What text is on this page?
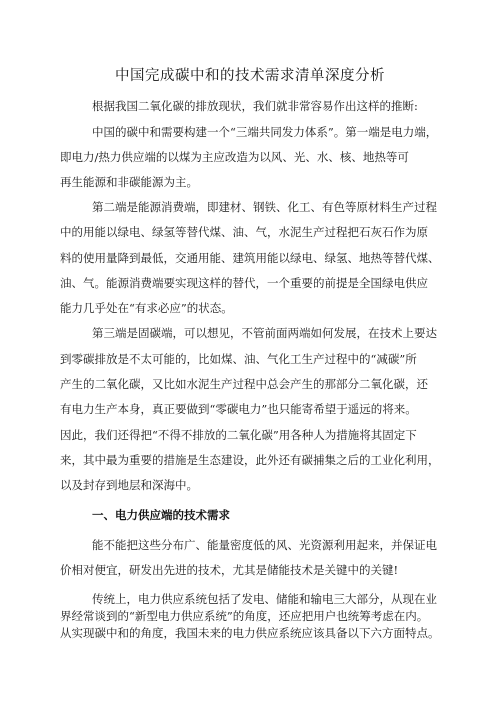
中国完成碳中和的技术需求清单深度分析
根据我国二氧化碳的排放现状，我们就非常容易作出这样的推断:
中国的碳中和需要构建一个“三端共同发力体系”。第一端是电力端，
即电力/热力供应端的以煤为主应改造为以风、光、水、核、地热等可
再生能源和非碳能源为主。
第二端是能源消费端，即建材、钢铁、化工、有色等原材料生产过程
中的用能以绿电、绿氢等替代煤、油、气，水泥生产过程把石灰石作为原
料的使用量降到最低，交通用能、建筑用能以绿电、绿氢、地热等替代煤、
油、气。能源消费端要实现这样的替代，一个重要的前提是全国绿电供应
能力几乎处在“有求必应”的状态。
第三端是固碳端，可以想见，不管前面两端如何发展，在技术上要达
到零碳排放是不太可能的，比如煤、油、气化工生产过程中的“减碳”所
产生的二氧化碳，又比如水泥生产过程中总会产生的那部分二氧化碳，还
有电力生产本身，真正要做到“零碳电力”也只能寄希望于遥远的将来。
因此，我们还得把“不得不排放的二氧化碳”用各种人为措施将其固定下
来，其中最为重要的措施是生态建设，此外还有碳捕集之后的工业化利用，
以及封存到地层和深海中。
一、电力供应端的技术需求
能不能把这些分布广、能量密度低的风、光资源利用起来，并保证电
价相对便宜，研发出先进的技术，尤其是储能技术是关键中的关键!
传统上，电力供应系统包括了发电、储能和输电三大部分，从现在业
界经常谈到的“新型电力供应系统”的角度，还应把用户也统筹考虑在内。
从实现碳中和的角度，我国未来的电力供应系统应该具备以下六方面特点。
